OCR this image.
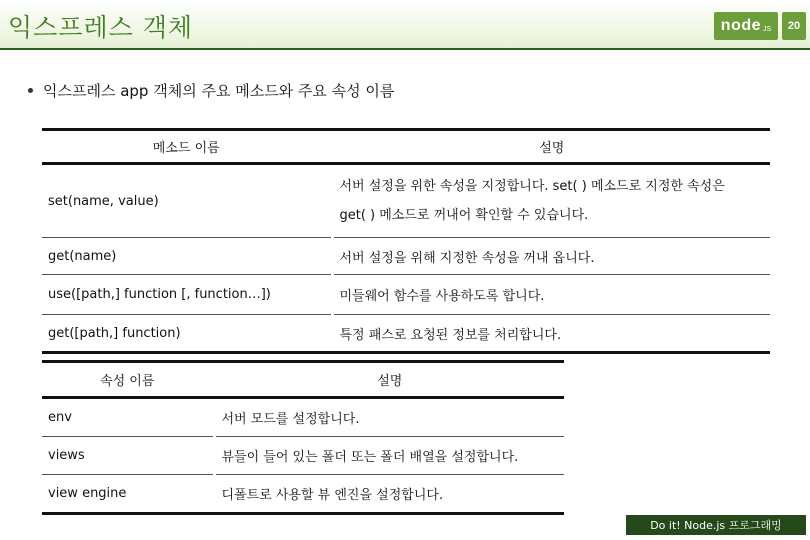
익스프레스 객체	node JS 20
익스프레스 app 객체의 주요 메소드와 주요 속성 이름
메소드 이름	설명
set(name, value)	서버 설정을 위한 속성을 지정합니다. set( ) 메소드로 지정한 속성은
get( ) 메소드로 꺼내어 확인할 수 있습니다.

get(name)	서버 설정을 위해 지정한 속성을 꺼내 옵니다.
use([path,] function [, function…])	미들웨어 함수를 사용하도록 합니다.
get([path,] function)	특정 패스로 요청된 정보를 처리합니다.
속성 이름	설명
env	서버 모드를 설정합니다.
views	뷰들이 들어 있는 폴더 또는 폴더 배열을 설정합니다.
view engine	디폴트로 사용할 뷰 엔진을 설정합니다.
Do it! Node.js 프로그래밍
